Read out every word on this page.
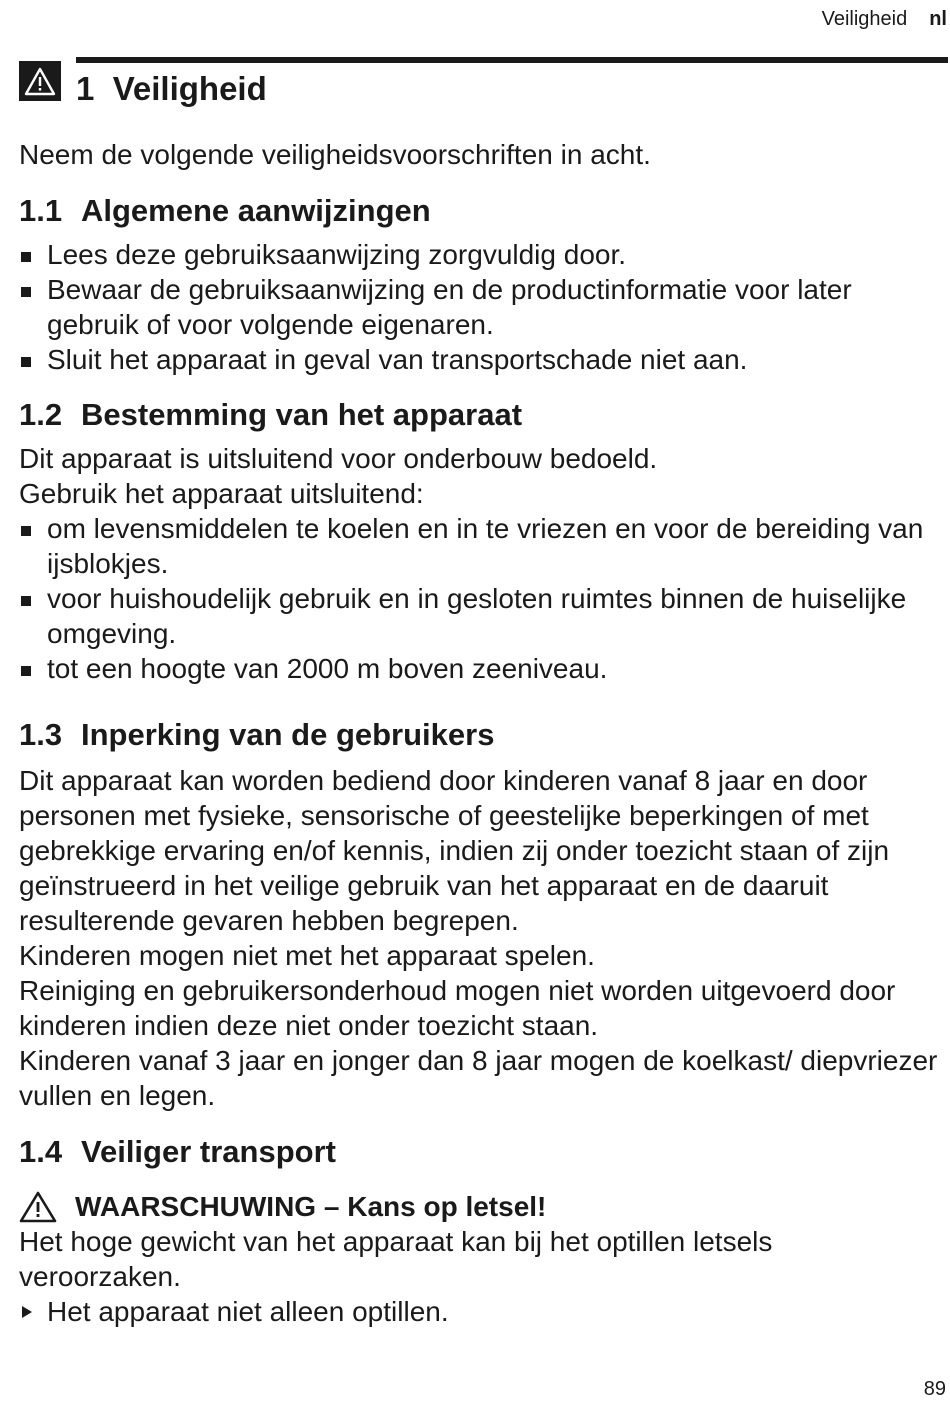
Veiligheid nl
1 Veiligheid

Neem de volgende veiligheidsvoorschriften in acht.

1.1 Algemene aanwijzingen
Lees deze gebruiksaanwijzing zorgvuldig door.
Bewaar de gebruiksaanwijzing en de productinformatie voor later gebruik of voor volgende eigenaren.
Sluit het apparaat in geval van transportschade niet aan.
1.2 Bestemming van het apparaat

Dit apparaat is uitsluitend voor onderbouw bedoeld.

Gebruik het apparaat uitsluitend:

om levensmiddelen te koelen en in te vriezen en voor de bereiding van ijsblokjes.
voor huishoudelijk gebruik en in gesloten ruimtes binnen de huiselijke omgeving.
tot een hoogte van 2000 m boven zeeniveau.
1.3 Inperking van de gebruikers

Dit apparaat kan worden bediend door kinderen vanaf 8 jaar en door personen met fysieke, sensorische of geestelijke beperkingen of met gebrekkige ervaring en/of kennis, indien zij onder toezicht staan of zijn geïnstrueerd in het veilige gebruik van het apparaat en de daaruit resulterende gevaren hebben begrepen.

Kinderen mogen niet met het apparaat spelen.

Reiniging en gebruikersonderhoud mogen niet worden uitgevoerd door kinderen indien deze niet onder toezicht staan.

Kinderen vanaf 3 jaar en jonger dan 8 jaar mogen de koelkast/ diepvriezer vullen en legen.

1.4 Veiliger transport
WAARSCHUWING – Kans op letsel!

Het hoge gewicht van het apparaat kan bij het optillen letsels veroorzaken.

Het apparaat niet alleen optillen.
89
